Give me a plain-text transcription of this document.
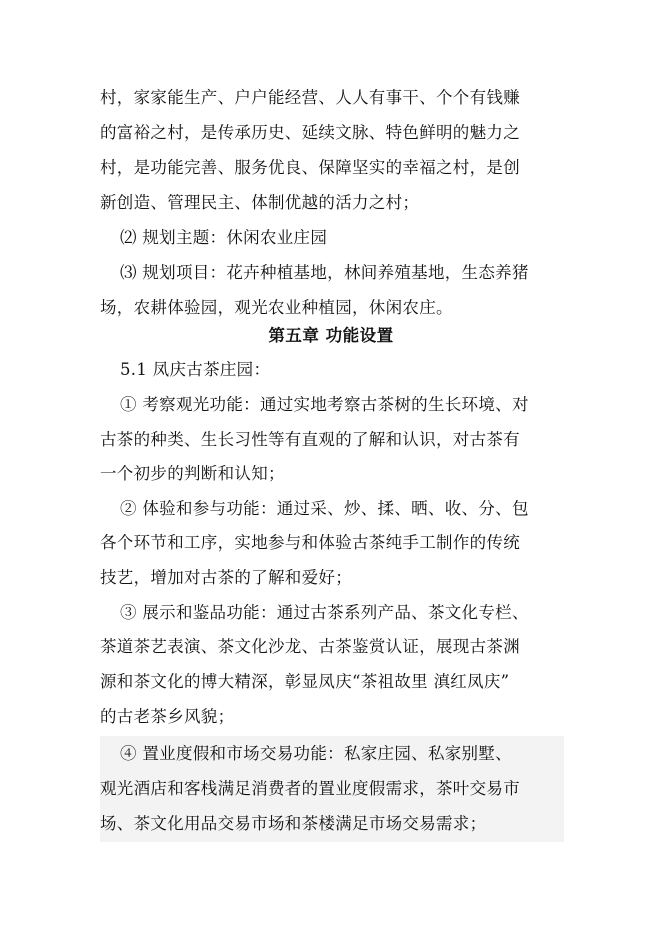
村，家家能生产、户户能经营、人人有事干、个个有钱赚
的富裕之村，是传承历史、延续文脉、特色鲜明的魅力之
村，是功能完善、服务优良、保障坚实的幸福之村，是创
新创造、管理民主、体制优越的活力之村；
⑵ 规划主题：休闲农业庄园
⑶ 规划项目：花卉种植基地，林间养殖基地，生态养猪
场，农耕体验园，观光农业种植园，休闲农庄。
第五章 功能设置
5.1 凤庆古茶庄园：
① 考察观光功能：通过实地考察古茶树的生长环境、对
古茶的种类、生长习性等有直观的了解和认识，对古茶有
一个初步的判断和认知；
② 体验和参与功能：通过采、炒、揉、晒、收、分、包
各个环节和工序，实地参与和体验古茶纯手工制作的传统
技艺，增加对古茶的了解和爱好；
③ 展示和鉴品功能：通过古茶系列产品、茶文化专栏、
茶道茶艺表演、茶文化沙龙、古茶鉴赏认证，展现古茶渊
源和茶文化的博大精深，彰显凤庆“茶祖故里 滇红凤庆”
的古老茶乡风貌；
④ 置业度假和市场交易功能：私家庄园、私家别墅、
观光酒店和客栈满足消费者的置业度假需求，茶叶交易市
场、茶文化用品交易市场和茶楼满足市场交易需求；
